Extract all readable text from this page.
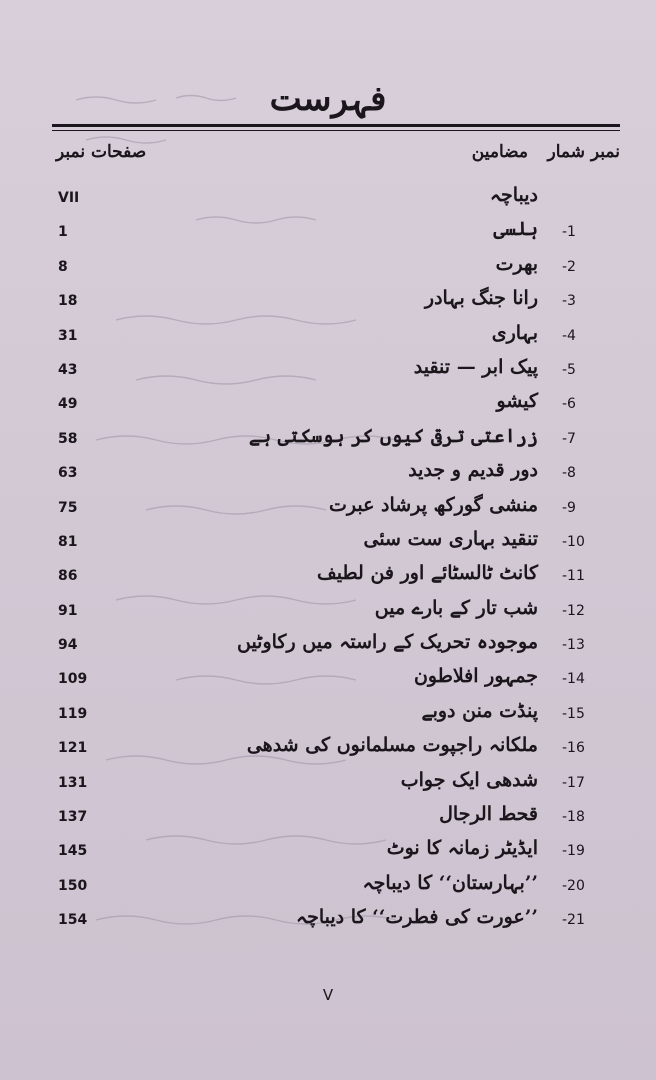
فہرست
نمبر شمار
مضامین
صفحات نمبر
دیباچہ
VII
-1
ہلسی
1
-2
بھرت
8
-3
رانا جنگ بہادر
18
-4
بہاری
31
-5
پیک ابر — تنقید
43
-6
کیشو
49
-7
زراعتی ترقی کیوں کر ہوسکتی ہے
58
-8
دور قدیم و جدید
63
-9
منشی گورکھ پرشاد عبرت
75
-10
تنقید بہاری ست سئی
81
-11
کانٹ ٹالسٹائے اور فن لطیف
86
-12
شب تار کے بارے میں
91
-13
موجودہ تحریک کے راستہ میں رکاوٹیں
94
-14
جمہور افلاطون
109
-15
پنڈت منن دوبے
119
-16
ملکانہ راجپوت مسلمانوں کی شدھی
121
-17
شدھی ایک جواب
131
-18
قحط الرجال
137
-19
ایڈیٹر زمانہ کا نوٹ
145
-20
’’بہارستان‘‘ کا دیباچہ
150
-21
’’عورت کی فطرت‘‘ کا دیباچہ
154
V
